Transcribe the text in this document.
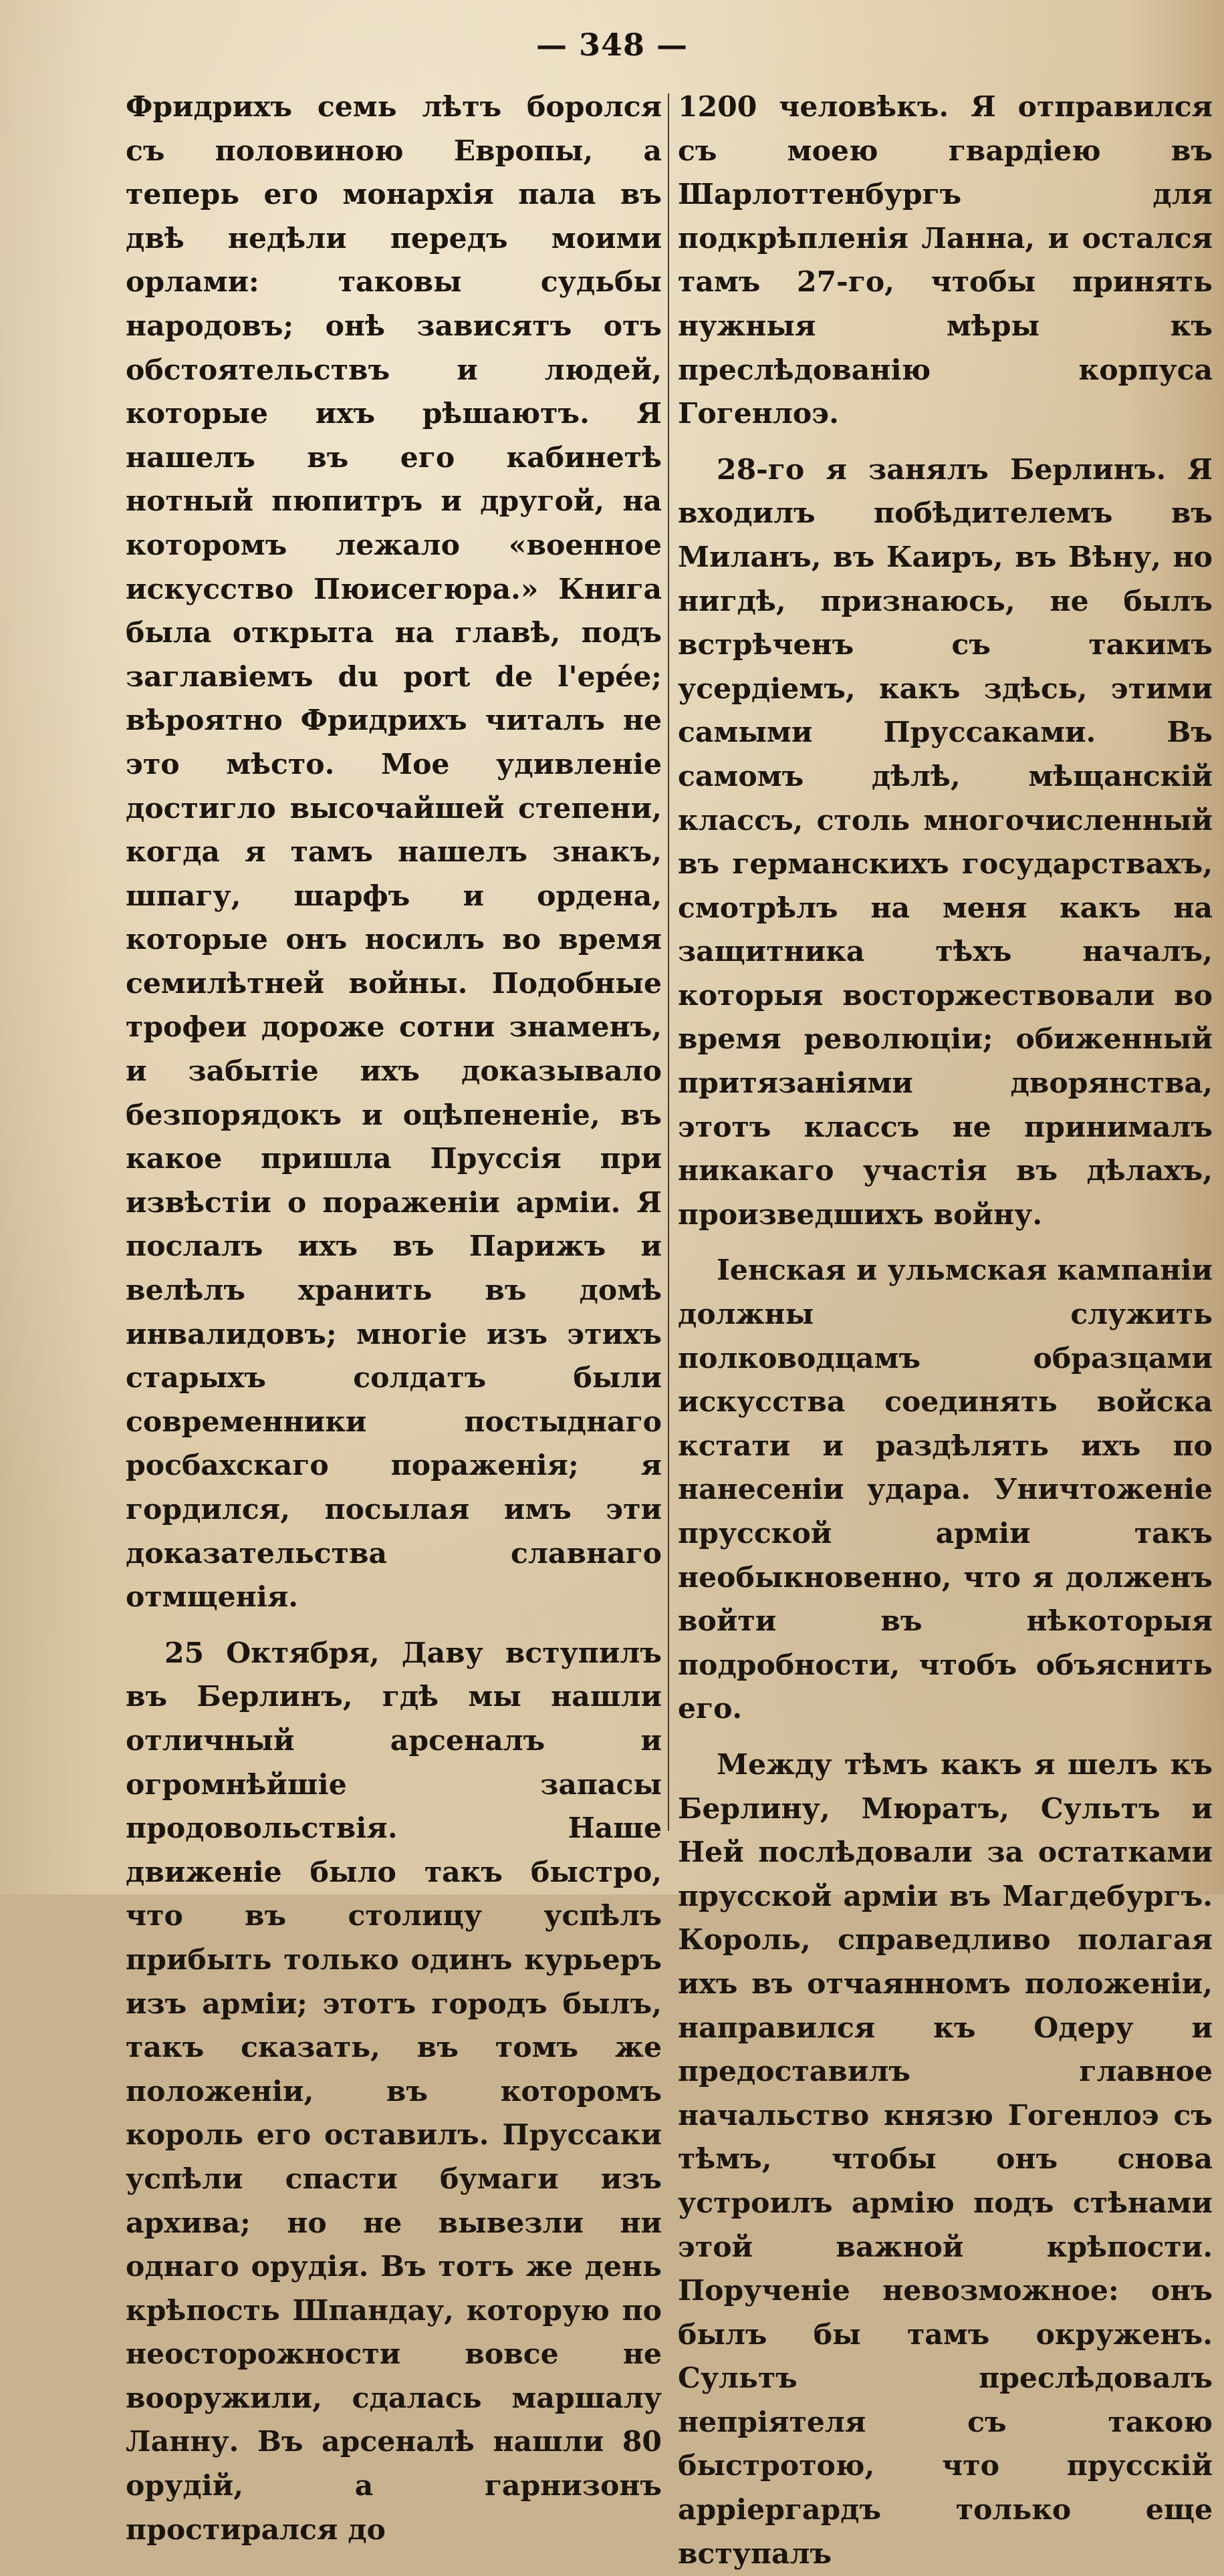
— 348 —

Фридрихъ семь лѣтъ боролся съ половиною Европы, а теперь его монархія пала въ двѣ недѣли передъ моими орлами: таковы судьбы народовъ; онѣ зависятъ отъ обстоятельствъ и людей, которые ихъ рѣшаютъ. Я нашелъ въ его кабинетѣ нотный пюпитръ и другой, на которомъ лежало «военное искусство Пюисегюра.» Книга была открыта на главѣ, подъ заглавіемъ du port de l'epée; вѣроятно Фридрихъ читалъ не это мѣсто. Мое удивленіе достигло высочайшей степени, когда я тамъ нашелъ знакъ, шпагу, шарфъ и ордена, которые онъ носилъ во время семилѣтней войны. Подобные трофеи дороже сотни знаменъ, и забытіе ихъ доказывало безпорядокъ и оцѣпененіе, въ какое пришла Пруссія при извѣстіи о пораженіи арміи. Я послалъ ихъ въ Парижъ и велѣлъ хранить въ домѣ инвалидовъ; многіе изъ этихъ старыхъ солдатъ были современники постыднаго росбахскаго пораженія; я гордился, посылая имъ эти доказательства славнаго отмщенія.

25 Октября, Даву вступилъ въ Берлинъ, гдѣ мы нашли отличный арсеналъ и огромнѣйшіе запасы продовольствія. Наше движеніе было такъ быстро, что въ столицу успѣлъ прибыть только одинъ курьеръ изъ арміи; этотъ городъ былъ, такъ сказать, въ томъ же положеніи, въ которомъ король его оставилъ. Пруссаки успѣли спасти бумаги изъ архива; но не вывезли ни однаго орудія. Въ тотъ же день крѣпость Шпандау, которую по неосторожности вовсе не вооружили, сдалась маршалу Ланну. Въ арсеналѣ нашли 80 орудій, а гарнизонъ простирался до

1200 человѣкъ. Я отправился съ моею гвардіею въ Шарлоттенбургъ для подкрѣпленія Ланна, и остался тамъ 27-го, чтобы принять нужныя мѣры къ преслѣдованію корпуса Гогенлоэ.

28-го я занялъ Берлинъ. Я входилъ побѣдителемъ въ Миланъ, въ Каиръ, въ Вѣну, но нигдѣ, признаюсь, не былъ встрѣченъ съ такимъ усердіемъ, какъ здѣсь, этими самыми Пруссаками. Въ самомъ дѣлѣ, мѣщанскій классъ, столь многочисленный въ германскихъ государствахъ, смотрѣлъ на меня какъ на защитника тѣхъ началъ, которыя восторжествовали во время революціи; обиженный притязаніями дворянства, этотъ классъ не принималъ никакаго участія въ дѣлахъ, произведшихъ войну.

Іенская и ульмская кампаніи должны служить полководцамъ образцами искусства соединять войска кстати и раздѣлять ихъ по нанесеніи удара. Уничтоженіе прусской арміи такъ необыкновенно, что я долженъ войти въ нѣкоторыя подробности, чтобъ объяснить его.

Между тѣмъ какъ я шелъ къ Берлину, Мюратъ, Сультъ и Ней послѣдовали за остатками прусской арміи въ Магдебургъ. Король, справедливо полагая ихъ въ отчаянномъ положеніи, направился къ Одеру и предоставилъ главное начальство князю Гогенлоэ съ тѣмъ, чтобы онъ снова устроилъ армію подъ стѣнами этой важной крѣпости. Порученіе невозможное: онъ былъ бы тамъ окруженъ. Сультъ преслѣдовалъ непріятеля съ такою быстротою, что прусскій арріергардъ только еще вступалъ
